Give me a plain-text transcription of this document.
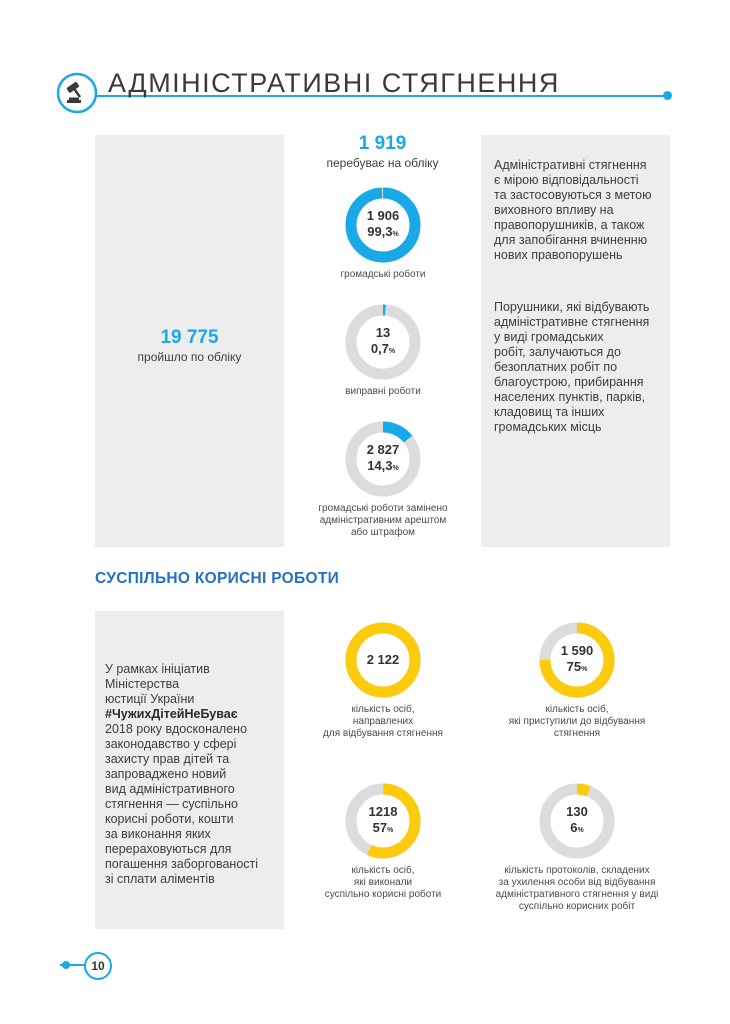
АДМІНІСТРАТИВНІ СТЯГНЕННЯ
19 775
пройшло по обліку
1 919
перебуває на обліку
1 906
99,3%
громадські роботи
13
0,7%
виправні роботи
2 827
14,3%
громадські роботи замінено
адміністративним арештом
або штрафом
Адміністративні стягнення
є мірою відповідальності
та застосовуються з метою
виховного впливу на
правопорушників, а також
для запобігання вчиненню
нових правопорушень
Порушники, які відбувають
адміністративне стягнення
у виді громадських
робіт, залучаються до
безоплатних робіт по
благоустрою, прибирання
населених пунктів, парків,
кладовищ та інших
громадських місць
СУСПІЛЬНО КОРИСНІ РОБОТИ
У рамках ініціатив
Міністерства
юстиції України
#ЧужихДітейНеБуває
2018 року вдосконалено
законодавство у сфері
захисту прав дітей та
запроваджено новий
вид адміністративного
стягнення — суспільно
корисні роботи, кошти
за виконання яких
перераховуються для
погашення заборгованості
зі сплати аліментів
2 122
кількість осіб,
направлених
для відбування стягнення
1 590
75%
кількість осіб,
які приступили до відбування
стягнення
1218
57%
кількість осіб,
які виконали
суспільно корисні роботи
130
6%
кількість протоколів, складених
за ухилення особи від відбування
адміністративного стягнення у виді
суспільно корисних робіт
10
